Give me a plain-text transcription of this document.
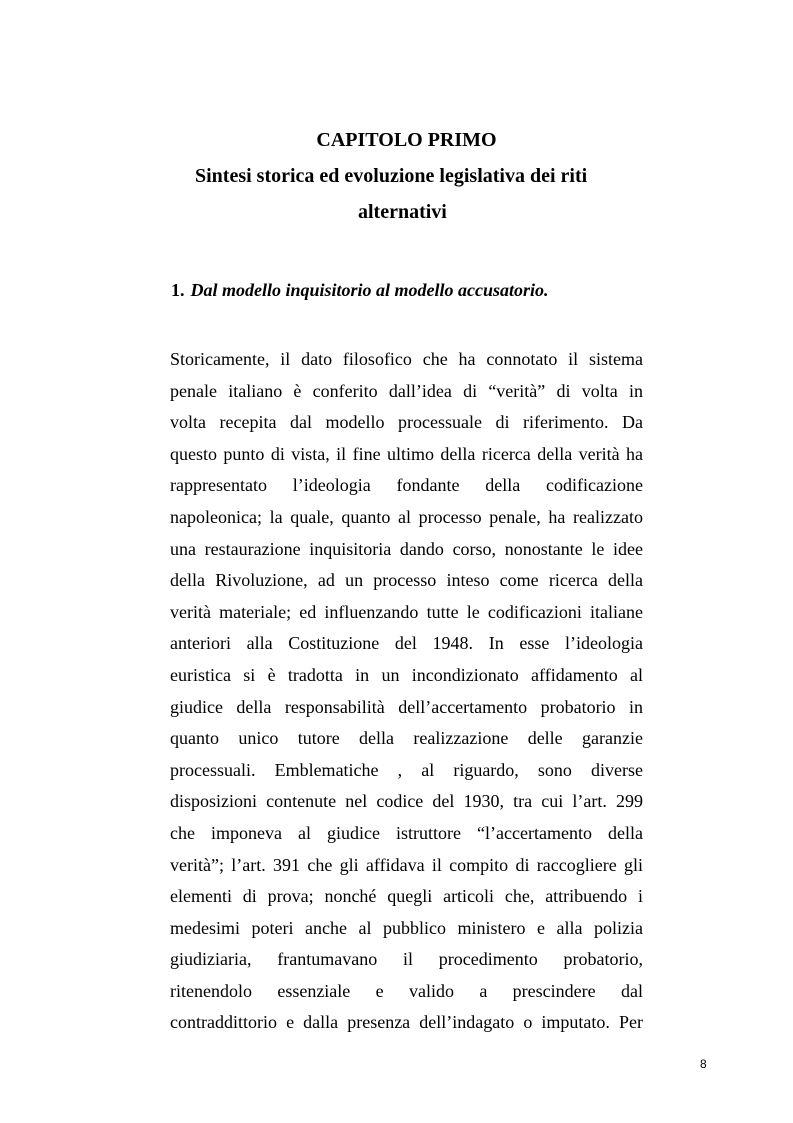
CAPITOLO PRIMO
Sintesi storica ed evoluzione legislativa dei riti
alternativi
1. Dal modello inquisitorio al modello accusatorio.
Storicamente, il dato filosofico che ha connotato il sistema
penale italiano è conferito dall’idea di “verità” di volta in
volta recepita dal modello processuale di riferimento. Da
questo punto di vista, il fine ultimo della ricerca della verità ha
rappresentato l’ideologia fondante della codificazione
napoleonica; la quale, quanto al processo penale, ha realizzato
una restaurazione inquisitoria dando corso, nonostante le idee
della Rivoluzione, ad un processo inteso come ricerca della
verità materiale; ed influenzando tutte le codificazioni italiane
anteriori alla Costituzione del 1948. In esse l’ideologia
euristica si è tradotta in un incondizionato affidamento al
giudice della responsabilità dell’accertamento probatorio in
quanto unico tutore della realizzazione delle garanzie
processuali. Emblematiche , al riguardo, sono diverse
disposizioni contenute nel codice del 1930, tra cui l’art. 299
che imponeva al giudice istruttore “l’accertamento della
verità”; l’art. 391 che gli affidava il compito di raccogliere gli
elementi di prova; nonché quegli articoli che, attribuendo i
medesimi poteri anche al pubblico ministero e alla polizia
giudiziaria, frantumavano il procedimento probatorio,
ritenendolo essenziale e valido a prescindere dal
contraddittorio e dalla presenza dell’indagato o imputato. Per
8
